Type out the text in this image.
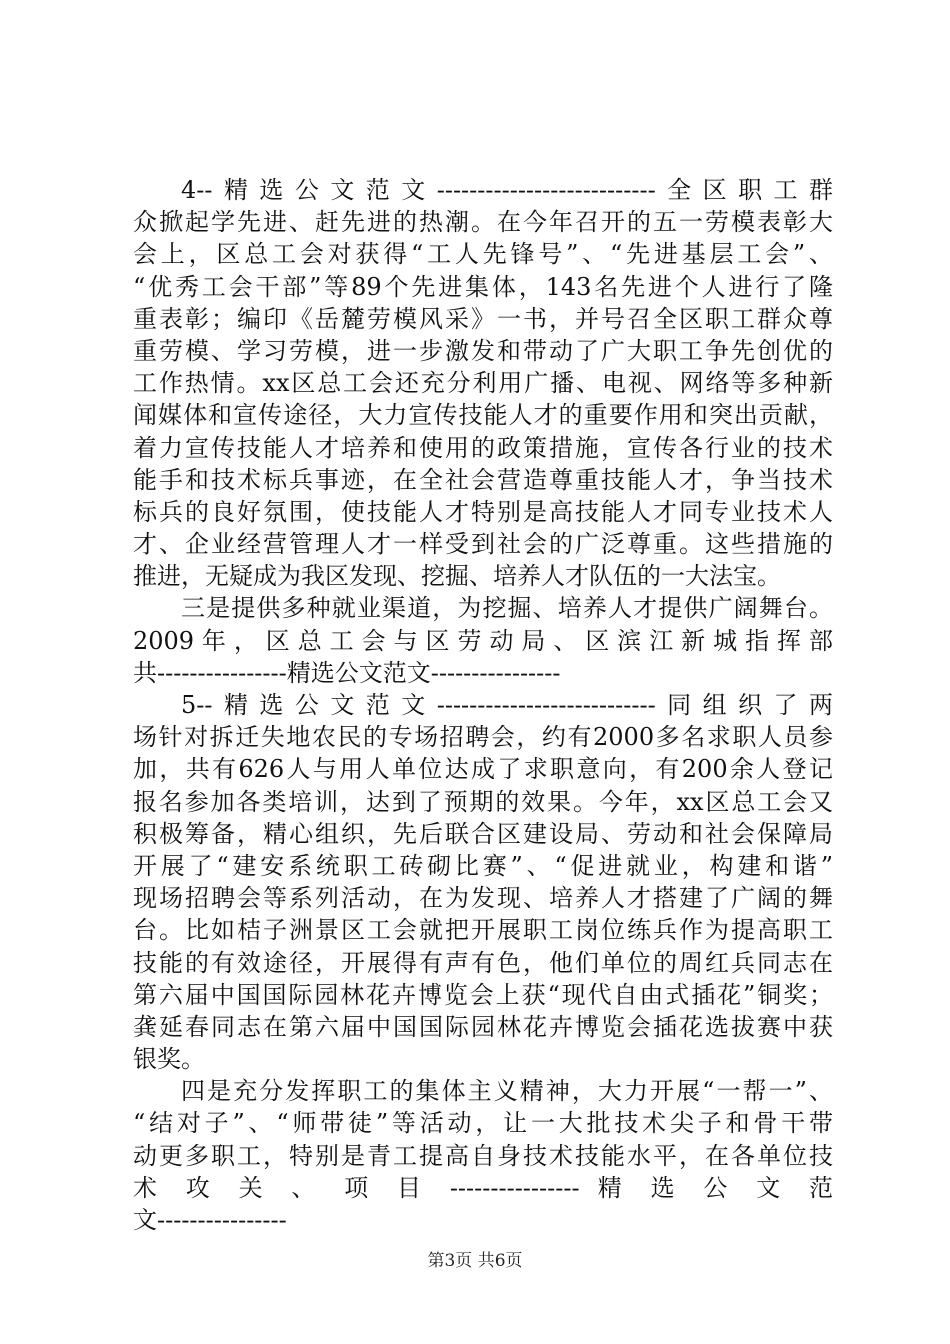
4--精选公文范文---------------------------全区职工群
众掀起学先进、赶先进的热潮。在今年召开的五一劳模表彰大
会上，区总工会对获得“工人先锋号”、“先进基层工会”、
“优秀工会干部”等89个先进集体，143名先进个人进行了隆
重表彰；编印《岳麓劳模风采》一书，并号召全区职工群众尊
重劳模、学习劳模，进一步激发和带动了广大职工争先创优的
工作热情。xx区总工会还充分利用广播、电视、网络等多种新
闻媒体和宣传途径，大力宣传技能人才的重要作用和突出贡献，
着力宣传技能人才培养和使用的政策措施，宣传各行业的技术
能手和技术标兵事迹，在全社会营造尊重技能人才，争当技术
标兵的良好氛围，使技能人才特别是高技能人才同专业技术人
才、企业经营管理人才一样受到社会的广泛尊重。这些措施的
推进，无疑成为我区发现、挖掘、培养人才队伍的一大法宝。
三是提供多种就业渠道，为挖掘、培养人才提供广阔舞台。
2009 年 ， 区 总 工 会 与 区 劳 动 局 、 区 滨 江 新 城 指 挥 部
共----------------精选公文范文----------------
5--精选公文范文---------------------------同组织了两
场针对拆迁失地农民的专场招聘会，约有2000多名求职人员参
加，共有626人与用人单位达成了求职意向，有200余人登记
报名参加各类培训，达到了预期的效果。今年，xx区总工会又
积极筹备，精心组织，先后联合区建设局、劳动和社会保障局
开展了“建安系统职工砖砌比赛”、“促进就业，构建和谐”
现场招聘会等系列活动，在为发现、培养人才搭建了广阔的舞
台。比如桔子洲景区工会就把开展职工岗位练兵作为提高职工
技能的有效途径，开展得有声有色，他们单位的周红兵同志在
第六届中国国际园林花卉博览会上获“现代自由式插花”铜奖；
龚延春同志在第六届中国国际园林花卉博览会插花选拔赛中获
银奖。
四是充分发挥职工的集体主义精神，大力开展“一帮一”、
“结对子”、“师带徒”等活动，让一大批技术尖子和骨干带
动更多职工，特别是青工提高自身技术技能水平，在各单位技
术 攻 关 、 项 目 ---------------- 精 选 公 文 范
文----------------
第3页 共6页
